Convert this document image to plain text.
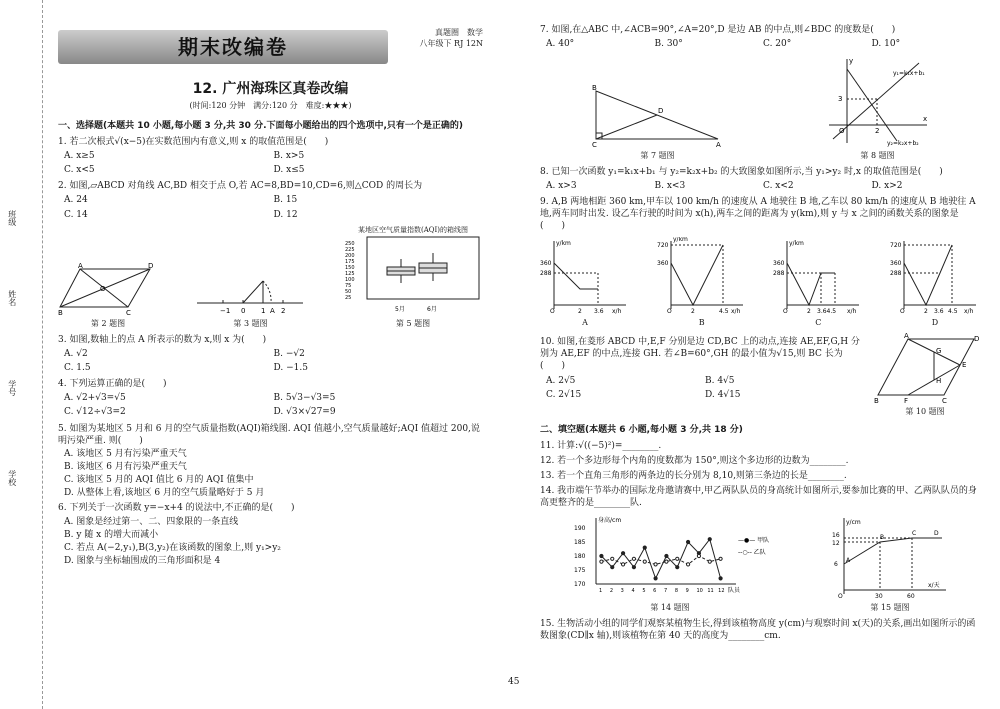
班级
姓名
学号
学校
期末改编卷
真题圈　 数学
八年级下 RJ 12N
12. 广州海珠区真卷改编
(时间:120 分钟　满分:120 分　难度:★★★)
一、选择题(本题共 10 小题,每小题 3 分,共 30 分.下面每小题给出的四个选项中,只有一个是正确的)
1. 若二次根式√(x−5)在实数范围内有意义,则 x 的取值范围是(　　)
A. x≥5	B. x>5
C. x<5	D. x≤5
2. 如图,▱ABCD 对角线 AC,BD 相交于点 O,若 AC=8,BD=10,CD=6,则△COD 的周长为
A. 24	B. 15
C. 14	D. 12
A	D
B	C
O
第 2 题图
−1 0 1 A 2
第 3 题图
某地区空气质量指数(AQI)的箱线图
25
50
75
100
125
150
175
200
225
250
5月	6月
第 5 题图
3. 如图,数轴上的点 A 所表示的数为 x,则 x 为(　　)
A. √2	B. −√2
C. 1.5	D. −1.5
4. 下列运算正确的是(　　)
A. √2+√3=√5	B. 5√3−√3=5
C. √12÷√3=2	D. √3×√27=9
5. 如图为某地区 5 月和 6 月的空气质量指数(AQI)箱线图. AQI 值越小,空气质量越好;AQI 值超过 200,说明污染严重. 则(　　)
A. 该地区 5 月有污染严重天气
B. 该地区 6 月有污染严重天气
C. 该地区 5 月的 AQI 值比 6 月的 AQI 值集中
D. 从整体上看,该地区 6 月的空气质量略好于 5 月
6. 下列关于一次函数 y=−x+4 的说法中,不正确的是(　　)
A. 图象是经过第一、二、四象限的一条直线
B. y 随 x 的增大而减小
C. 若点 A(−2,y₁),B(3,y₂)在该函数的图象上,则 y₁>y₂
D. 图象与坐标轴围成的三角形面积是 4
7. 如图,在△ABC 中,∠ACB=90°,∠A=20°,D 是边 AB 的中点,则∠BDC 的度数是(　　)
A. 40°	B. 30°	C. 20°	D. 10°
B
C	A
D
第 7 题图
y
x
3
O	2
y₁=k₁x+b₁
y₂=k₂x+b₂
第 8 题图
8. 已知一次函数 y₁=k₁x+b₁ 与 y₂=k₂x+b₂ 的大致图象如图所示,当 y₁>y₂ 时,x 的取值范围是(　　)
A. x>3	B. x<3	C. x<2	D. x>2
9. A,B 两地相距 360 km,甲车以 100 km/h 的速度从 A 地驶往 B 地,乙车以 80 km/h 的速度从 B 地驶往 A 地,两车同时出发. 设乙车行驶的时间为 x(h),两车之间的距离为 y(km),则 y 与 x 之间的函数关系的图象是(　　)
360
288
O	2 3.6 x/h
y/km
A
720
360
O	2	4.5 x/h
y/km
B
360
288
O	2 3.64.5 x/h
y/km
C
720
360
288
O	2 3.6 4.5 x/h
D
10. 如图,在菱形 ABCD 中,E,F 分别是边 CD,BC 上的动点,连接 AE,EF,G,H 分别为 AE,EF 的中点,连接 GH. 若∠B=60°,GH 的最小值为√15,则 BC 长为(　　)
A. 2√5	B. 4√5
C. 2√15	D. 4√15
A
B	F	C
E
G
H
D
第 10 题图
二、填空题(本题共 6 小题,每小题 3 分,共 18 分)
11. 计算:√((−5)²)=________.
12. 若一个多边形每个内角的度数都为 150°,则这个多边形的边数为________.
13. 若一个直角三角形的两条边的长分别为 8,10,则第三条边的长是________.
14. 我市端午节举办的国际龙舟邀请赛中,甲乙两队队员的身高统计如图所示,要参加比赛的甲、乙两队队员的身高更整齐的是________队.
身高/cm
190
185
180
175
170
1 2 3 4 5 6 7 8 9 10 11 12 队员
—●— 甲队
--○-- 乙队
第 14 题图
y/cm
x/天
16
12
6
30	60
O
A
B
C	D
第 15 题图
15. 生物活动小组的同学们观察某植物生长,得到该植物高度 y(cm)与观察时间 x(天)的关系,画出如图所示的函数图象(CD∥x 轴),则该植物在第 40 天的高度为________cm.
45
